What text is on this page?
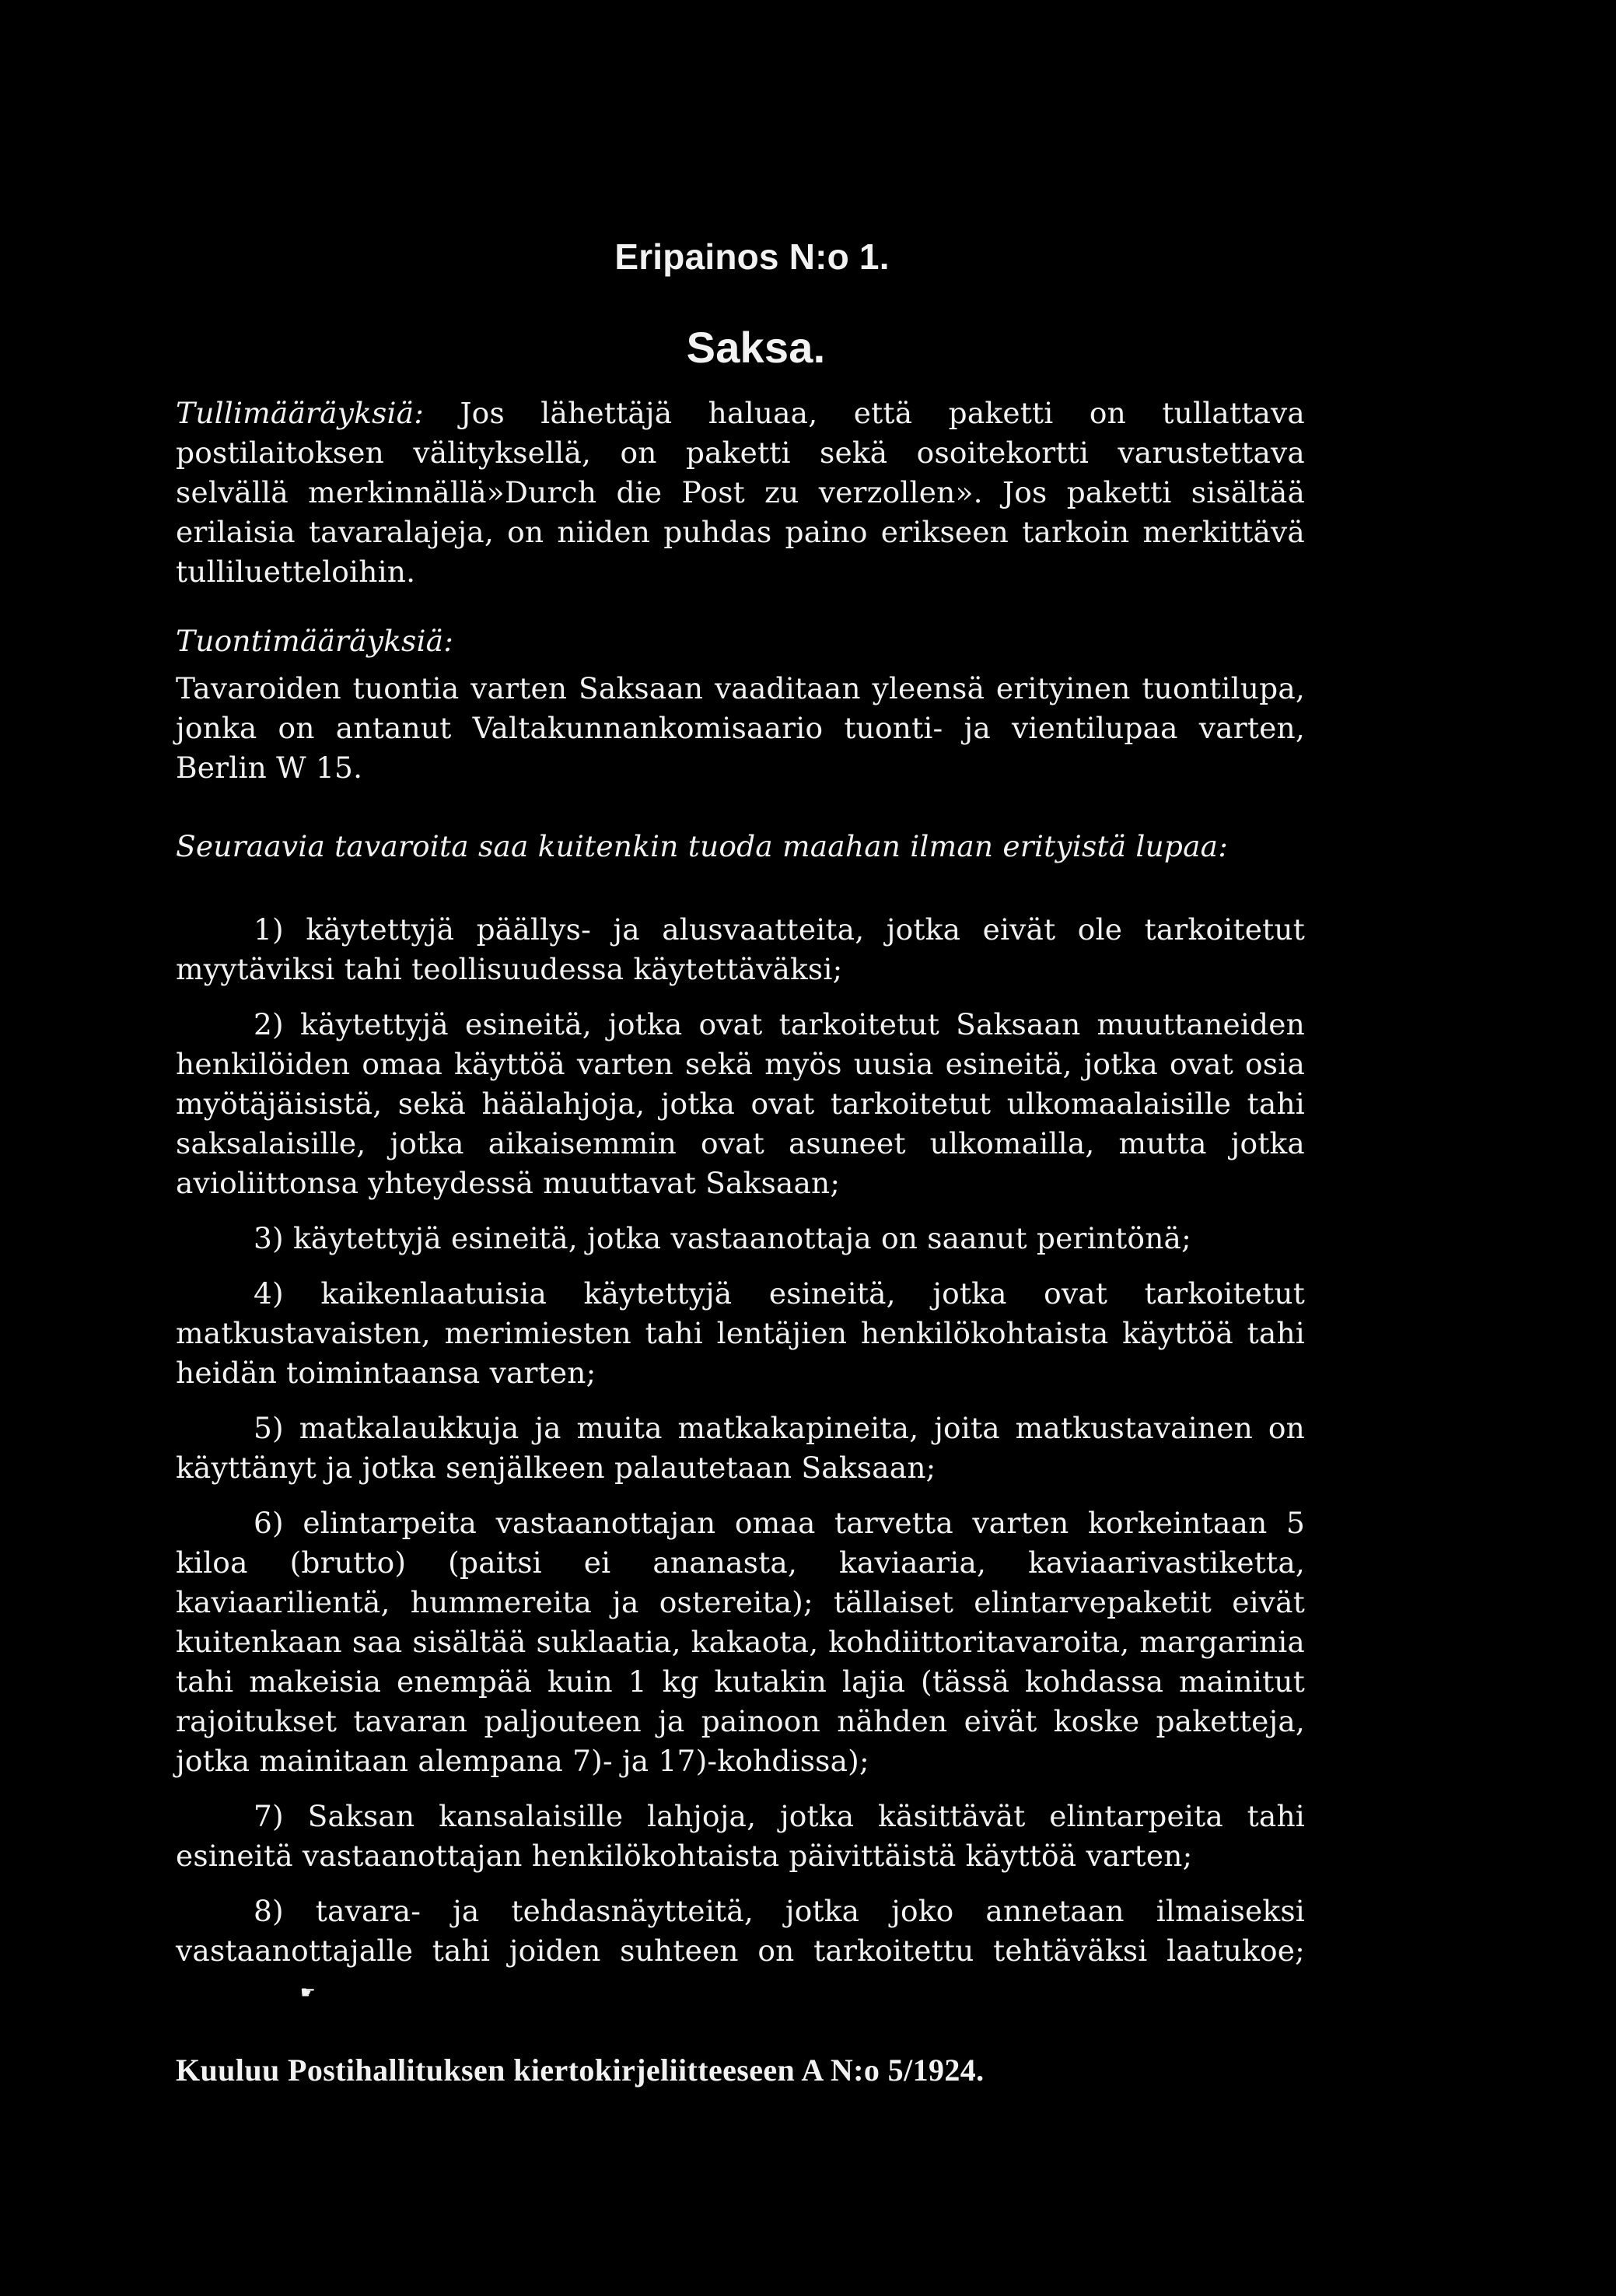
Eripainos N:o 1.
Saksa.

Tullimääräyksiä: Jos lähettäjä haluaa, että paketti on tullattava postilaitoksen välityksellä, on paketti sekä osoitekortti varustettava selvällä merkinnällä»Durch die Post zu verzollen». Jos paketti sisältää erilaisia tavaralajeja, on niiden puhdas paino erikseen tarkoin merkittävä tulliluetteloihin.

Tuontimääräyksiä:

Tavaroiden tuontia varten Saksaan vaaditaan yleensä erityinen tuontilupa, jonka on antanut Valtakunnankomisaario tuonti- ja vientilupaa varten, Berlin W 15.

Seuraavia tavaroita saa kuitenkin tuoda maahan ilman erityistä lupaa:

1) käytettyjä päällys- ja alusvaatteita, jotka eivät ole tarkoitetut myytäviksi tahi teollisuudessa käytettäväksi;

2) käytettyjä esineitä, jotka ovat tarkoitetut Saksaan muuttaneiden henkilöiden omaa käyttöä varten sekä myös uusia esineitä, jotka ovat osia myötäjäisistä, sekä häälahjoja, jotka ovat tarkoitetut ulkomaalaisille tahi saksalaisille, jotka aikaisemmin ovat asuneet ulkomailla, mutta jotka avioliittonsa yhteydessä muuttavat Saksaan;

3) käytettyjä esineitä, jotka vastaanottaja on saanut perintönä;

4) kaikenlaatuisia käytettyjä esineitä, jotka ovat tarkoitetut matkustavaisten, merimiesten tahi lentäjien henkilökohtaista käyttöä tahi heidän toimintaansa varten;

5) matkalaukkuja ja muita matkakapineita, joita matkustavainen on käyttänyt ja jotka senjälkeen palautetaan Saksaan;

6) elintarpeita vastaanottajan omaa tarvetta varten korkeintaan 5 kiloa (brutto) (paitsi ei ananasta, kaviaaria, kaviaarivastiketta, kaviaarilientä, hummereita ja ostereita); tällaiset elintarvepaketit eivät kuitenkaan saa sisältää suklaatia, kakaota, kohdiittoritavaroita, margarinia tahi makeisia enempää kuin 1 kg kutakin lajia (tässä kohdassa mainitut rajoitukset tavaran paljouteen ja painoon nähden eivät koske paketteja, jotka mainitaan alempana 7)- ja 17)-kohdissa);

7) Saksan kansalaisille lahjoja, jotka käsittävät elintarpeita tahi esineitä vastaanottajan henkilökohtaista päivittäistä käyttöä varten;

8) tavara- ja tehdasnäytteitä, jotka joko annetaan ilmaiseksi vastaanottajalle tahi joiden suhteen on tarkoitettu tehtäväksi laatukoe;☛

Kuuluu Postihallituksen kiertokirjeliitteeseen A N:o 5/1924.
